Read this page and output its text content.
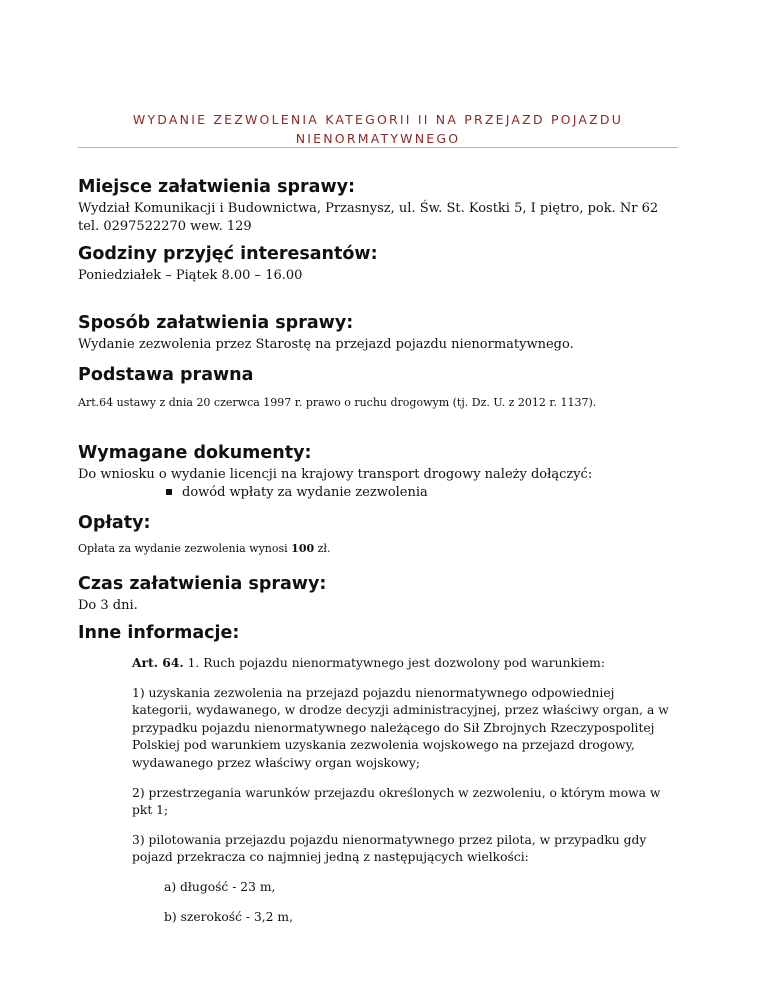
WYDANIE ZEZWOLENIA KATEGORII II NA PRZEJAZD POJAZDU
NIENORMATYWNEGO
Miejsce załatwienia sprawy:
Wydział Komunikacji i Budownictwa, Przasnysz, ul. Św. St. Kostki 5, I piętro, pok. Nr 62
tel. 0297522270 wew. 129
Godziny przyjęć interesantów:
Poniedziałek – Piątek 8.00 – 16.00
Sposób załatwienia sprawy:
Wydanie zezwolenia przez Starostę na przejazd pojazdu nienormatywnego.
Podstawa prawna
Art.64 ustawy z dnia 20 czerwca 1997 r. prawo o ruchu drogowym (tj. Dz. U. z 2012 r. 1137).
Wymagane dokumenty:
Do wniosku o wydanie licencji na krajowy transport drogowy należy dołączyć:
dowód wpłaty za wydanie zezwolenia
Opłaty:
Opłata za wydanie zezwolenia wynosi 100 zł.
Czas załatwienia sprawy:
Do 3 dni.
Inne informacje:

Art. 64. 1. Ruch pojazdu nienormatywnego jest dozwolony pod warunkiem:

1) uzyskania zezwolenia na przejazd pojazdu nienormatywnego odpowiedniej
kategorii, wydawanego, w drodze decyzji administracyjnej, przez właściwy organ, a w
przypadku pojazdu nienormatywnego należącego do Sił Zbrojnych Rzeczypospolitej
Polskiej pod warunkiem uzyskania zezwolenia wojskowego na przejazd drogowy,
wydawanego przez właściwy organ wojskowy;

2) przestrzegania warunków przejazdu określonych w zezwoleniu, o którym mowa w
pkt 1;

3) pilotowania przejazdu pojazdu nienormatywnego przez pilota, w przypadku gdy
pojazd przekracza co najmniej jedną z następujących wielkości:

a) długość - 23 m,

b) szerokość - 3,2 m,
